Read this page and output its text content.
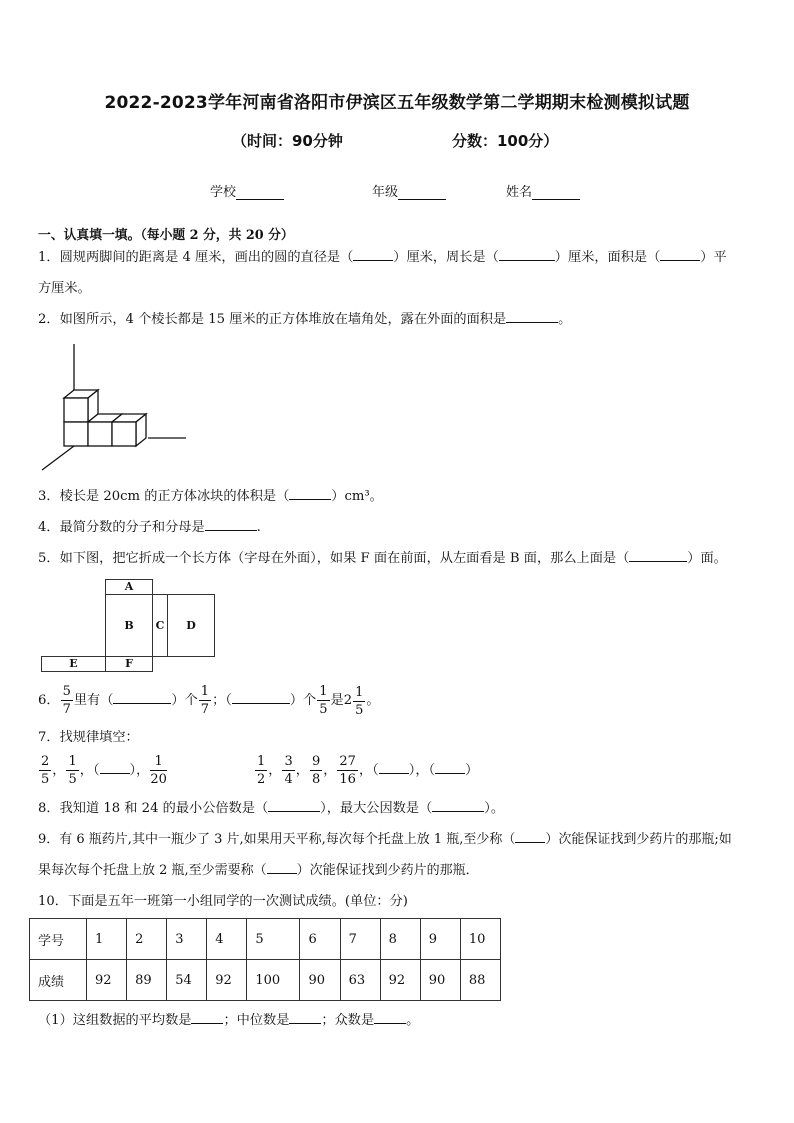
2022-2023学年河南省洛阳市伊滨区五年级数学第二学期期末检测模拟试题
（时间：90分钟	分数：100分）
学校	年级	姓名
一、认真填一填。（每小题 2 分，共 20 分）
1．圆规两脚间的距离是 4 厘米，画出的圆的直径是（	）厘米，周长是（	）厘米，面积是（	）平
方厘米。
2．如图所示，4 个棱长都是 15 厘米的正方体堆放在墙角处，露在外面的面积是	。
3．棱长是 20cm 的正方体冰块的体积是（	）cm³。
4．最简分数的分子和分母是	.
5．如下图，把它折成一个长方体（字母在外面），如果 F 面在前面，从左面看是 B 面，那么上面是（	）面。
A
B	C	D
E	F
6． $\frac{5}{7}$ 里有（	）个 $\frac{1}{7}$ ；（	）个 $\frac{1}{5}$ 是 $2 \frac{1}{5}$ 。
7．找规律填空：
$\frac{2}{5}$ ， $\frac{1}{5}$ ，（ ）， $\frac{1}{20}$	$\frac{1}{2}$ ， $\frac{3}{4}$ ， $\frac{9}{8}$ ， $\frac{27}{16}$ ，（ ），（ ）
8．我知道 18 和 24 的最小公倍数是（	），最大公因数是（	）。
9．有 6 瓶药片,其中一瓶少了 3 片,如果用天平称,每次每个托盘上放 1 瓶,至少称（ ）次能保证找到少药片的那瓶;如
果每次每个托盘上放 2 瓶,至少需要称（ ）次能保证找到少药片的那瓶．
10．下面是五年一班第一小组同学的一次测试成绩。(单位：分)
学号	1	2	3	4	5	6	7	8	9	10
成绩	92	89	54	92	100	90	63	92	90	88
（1）这组数据的平均数是 ；中位数是 ；众数是 。
